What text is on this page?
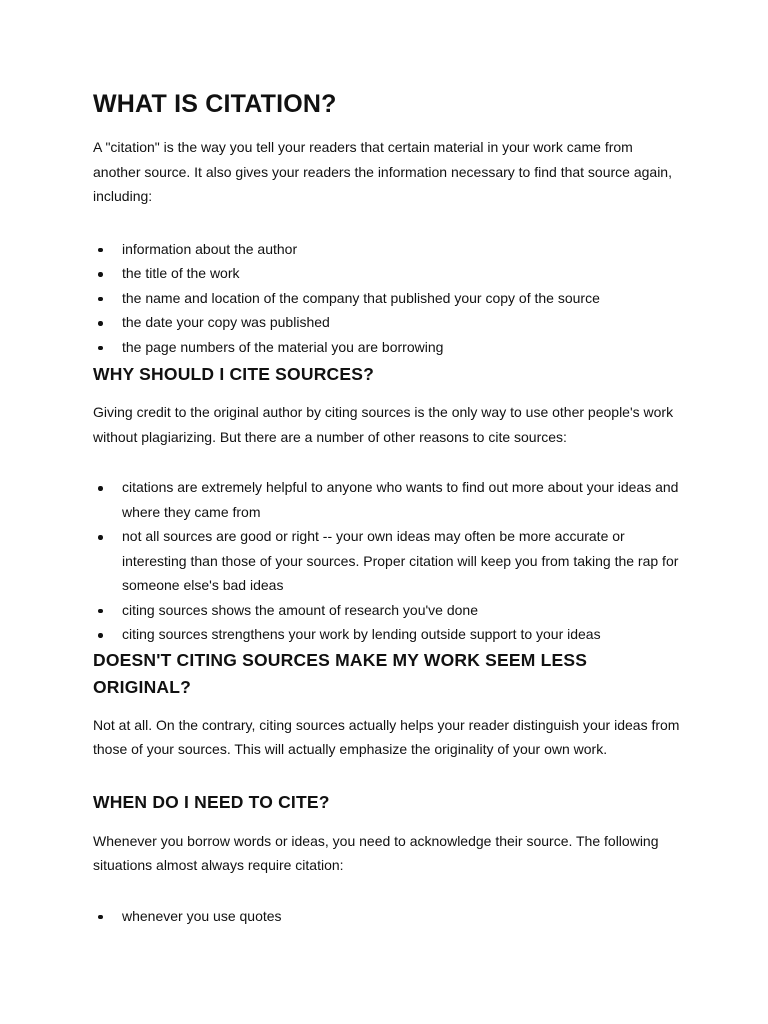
WHAT IS CITATION?

A "citation" is the way you tell your readers that certain material in your work came from another source. It also gives your readers the information necessary to find that source again, including:

information about the author
the title of the work
the name and location of the company that published your copy of the source
the date your copy was published
the page numbers of the material you are borrowing
WHY SHOULD I CITE SOURCES?

Giving credit to the original author by citing sources is the only way to use other people's work without plagiarizing. But there are a number of other reasons to cite sources:

citations are extremely helpful to anyone who wants to find out more about your ideas and where they came from
not all sources are good or right -- your own ideas may often be more accurate or interesting than those of your sources. Proper citation will keep you from taking the rap for someone else's bad ideas
citing sources shows the amount of research you've done
citing sources strengthens your work by lending outside support to your ideas
DOESN'T CITING SOURCES MAKE MY WORK SEEM LESS ORIGINAL?

Not at all. On the contrary, citing sources actually helps your reader distinguish your ideas from those of your sources. This will actually emphasize the originality of your own work.

WHEN DO I NEED TO CITE?

Whenever you borrow words or ideas, you need to acknowledge their source. The following situations almost always require citation:

whenever you use quotes
